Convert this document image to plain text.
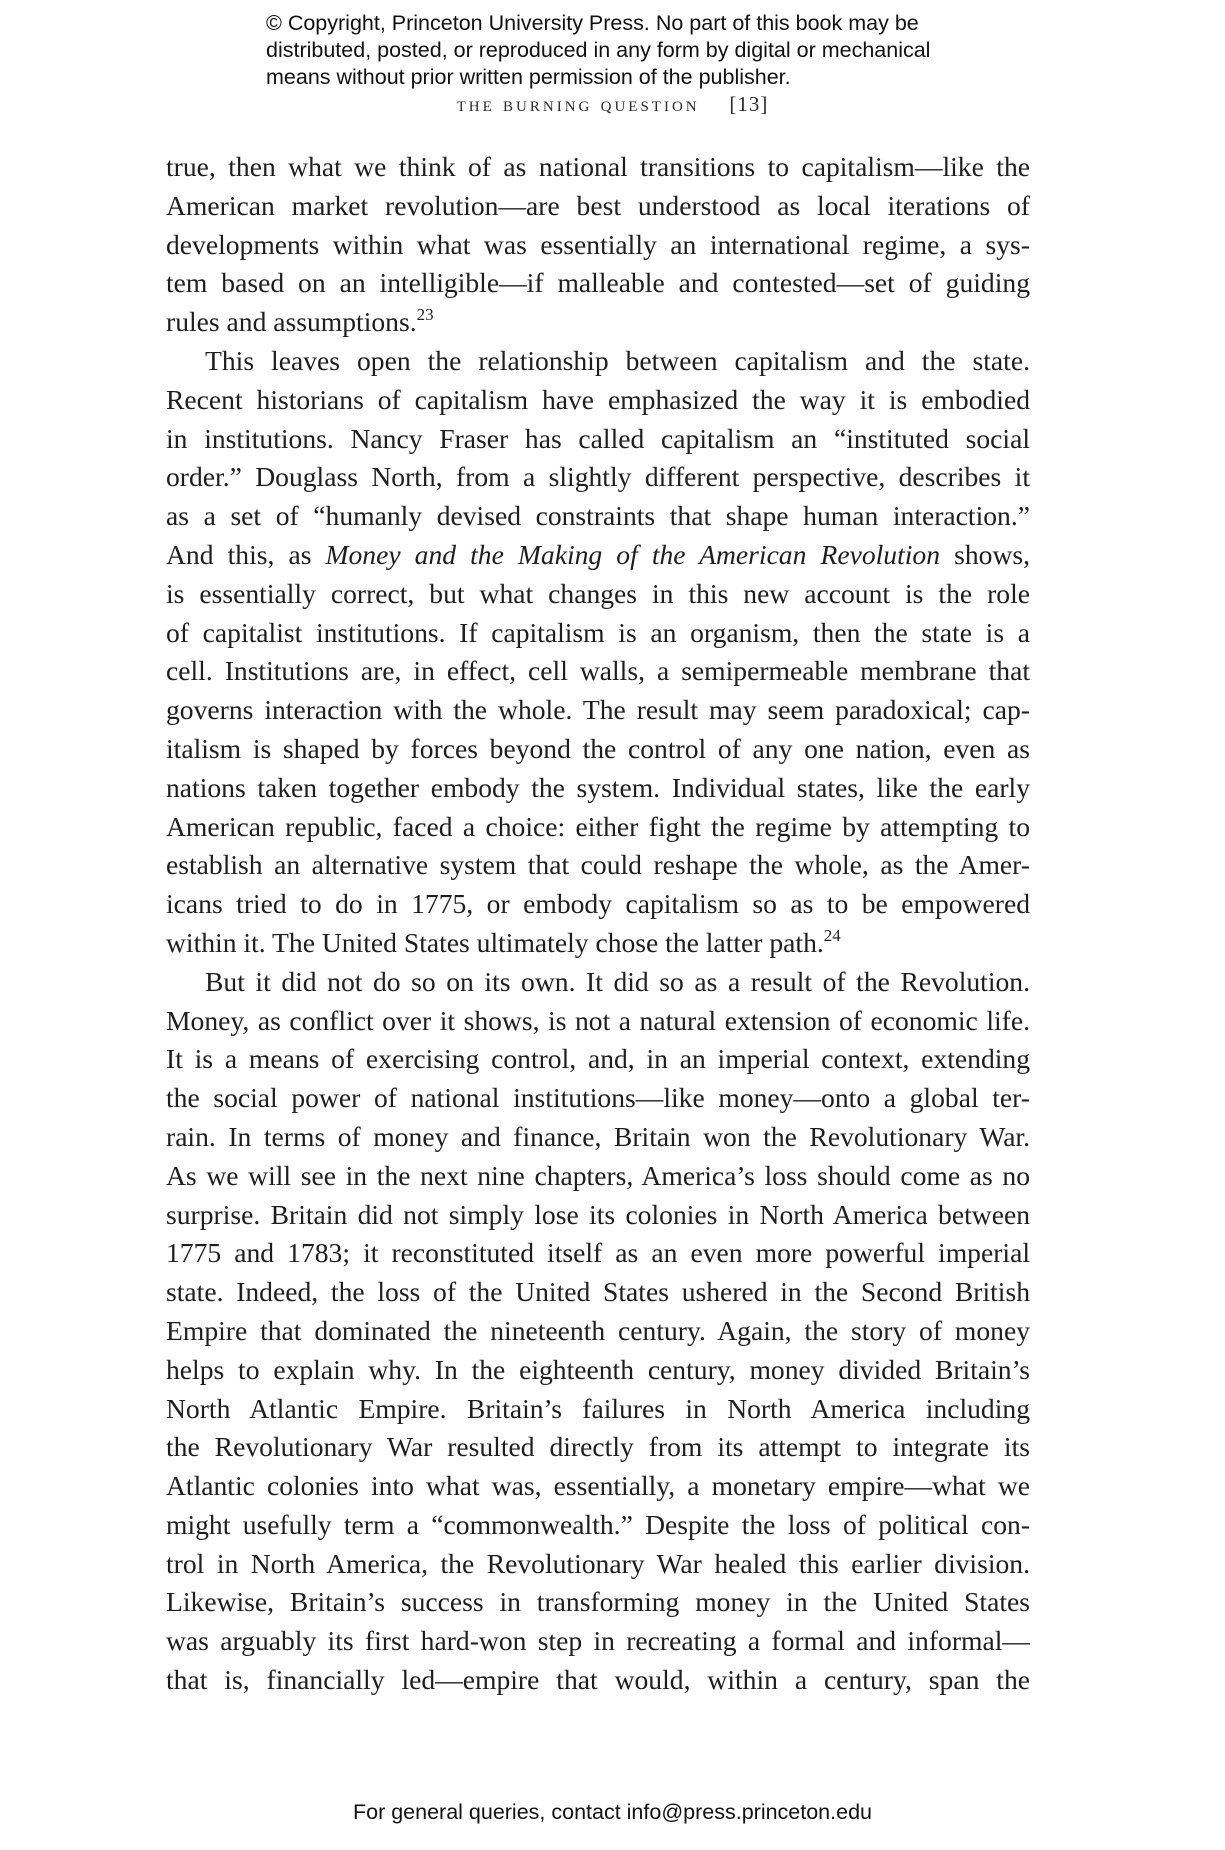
© Copyright, Princeton University Press. No part of this book may be
distributed, posted, or reproduced in any form by digital or mechanical
means without prior written permission of the publisher.
the burning question [13]
true, then what we think of as national transitions to capitalism—like the
American market revolution—are best understood as local iterations of
developments within what was essentially an international regime, a sys-
tem based on an intelligible—if malleable and contested—set of guiding
rules and assumptions.$^{23}$
This leaves open the relationship between capitalism and the state.
Recent historians of capitalism have emphasized the way it is embodied
in institutions. Nancy Fraser has called capitalism an “instituted social
order.” Douglass North, from a slightly different perspective, describes it
as a set of “humanly devised constraints that shape human interaction.”
And this, as Money and the Making of the American Revolution shows,
is essentially correct, but what changes in this new account is the role
of capitalist institutions. If capitalism is an organism, then the state is a
cell. Institutions are, in effect, cell walls, a semipermeable membrane that
governs interaction with the whole. The result may seem paradoxical; cap-
italism is shaped by forces beyond the control of any one nation, even as
nations taken together embody the system. Individual states, like the early
American republic, faced a choice: either fight the regime by attempting to
establish an alternative system that could reshape the whole, as the Amer-
icans tried to do in 1775, or embody capitalism so as to be empowered
within it. The United States ultimately chose the latter path.$^{24}$
But it did not do so on its own. It did so as a result of the Revolution.
Money, as conflict over it shows, is not a natural extension of economic life.
It is a means of exercising control, and, in an imperial context, extending
the social power of national institutions—like money—onto a global ter-
rain. In terms of money and finance, Britain won the Revolutionary War.
As we will see in the next nine chapters, America’s loss should come as no
surprise. Britain did not simply lose its colonies in North America between
1775 and 1783; it reconstituted itself as an even more powerful imperial
state. Indeed, the loss of the United States ushered in the Second British
Empire that dominated the nineteenth century. Again, the story of money
helps to explain why. In the eighteenth century, money divided Britain’s
North Atlantic Empire. Britain’s failures in North America including
the Revolutionary War resulted directly from its attempt to integrate its
Atlantic colonies into what was, essentially, a monetary empire—what we
might usefully term a “commonwealth.” Despite the loss of political con-
trol in North America, the Revolutionary War healed this earlier division.
Likewise, Britain’s success in transforming money in the United States
was arguably its first hard-won step in recreating a formal and informal—
that is, financially led—empire that would, within a century, span the
For general queries, contact info@press.princeton.edu
